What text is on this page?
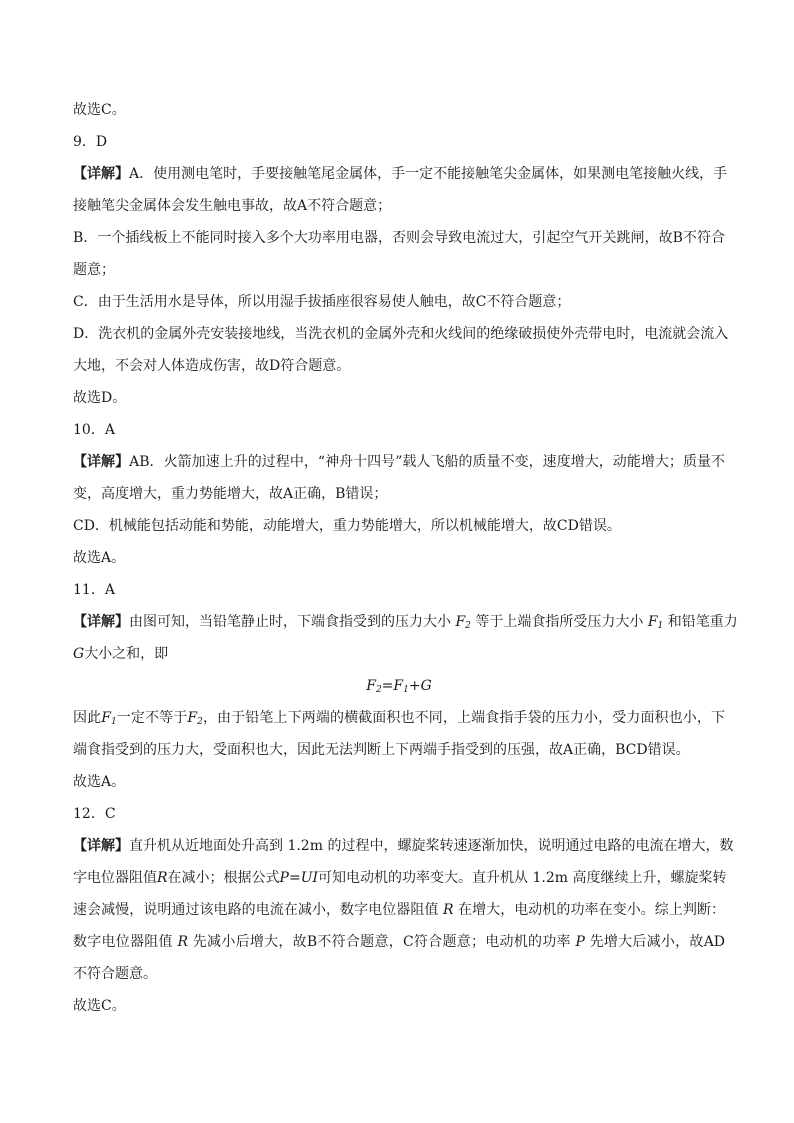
故选C。
9．D
【详解】A．使用测电笔时，手要接触笔尾金属体，手一定不能接触笔尖金属体，如果测电笔接触火线，手
接触笔尖金属体会发生触电事故，故A不符合题意；
B．一个插线板上不能同时接入多个大功率用电器，否则会导致电流过大，引起空气开关跳闸，故B不符合
题意；
C．由于生活用水是导体，所以用湿手拔插座很容易使人触电，故C不符合题意；
D．洗衣机的金属外壳安装接地线，当洗衣机的金属外壳和火线间的绝缘破损使外壳带电时，电流就会流入
大地，不会对人体造成伤害，故D符合题意。
故选D。
10．A
【详解】AB．火箭加速上升的过程中，“神舟十四号”载人飞船的质量不变，速度增大，动能增大；质量不
变，高度增大，重力势能增大，故A正确，B错误；
CD．机械能包括动能和势能，动能增大，重力势能增大，所以机械能增大，故CD错误。
故选A。
11．A
【详解】由图可知，当铅笔静止时，下端食指受到的压力大小 $F_2$ 等于上端食指所受压力大小 $F_1$ 和铅笔重力
G大小之和，即
$F_2=F_1+G$
因此$F_1$一定不等于$F_2$，由于铅笔上下两端的横截面积也不同，上端食指手袋的压力小，受力面积也小，下
端食指受到的压力大，受面积也大，因此无法判断上下两端手指受到的压强，故A正确，BCD错误。
故选A。
12．C
【详解】直升机从近地面处升高到 1.2m 的过程中，螺旋桨转速逐渐加快，说明通过电路的电流在增大，数
字电位器阻值R在减小；根据公式P=UI可知电动机的功率变大。直升机从 1.2m 高度继续上升，螺旋桨转
速会减慢，说明通过该电路的电流在减小，数字电位器阻值 R 在增大，电动机的功率在变小。综上判断：
数字电位器阻值 R 先减小后增大，故B不符合题意，C符合题意；电动机的功率 P 先增大后减小，故AD
不符合题意。
故选C。
